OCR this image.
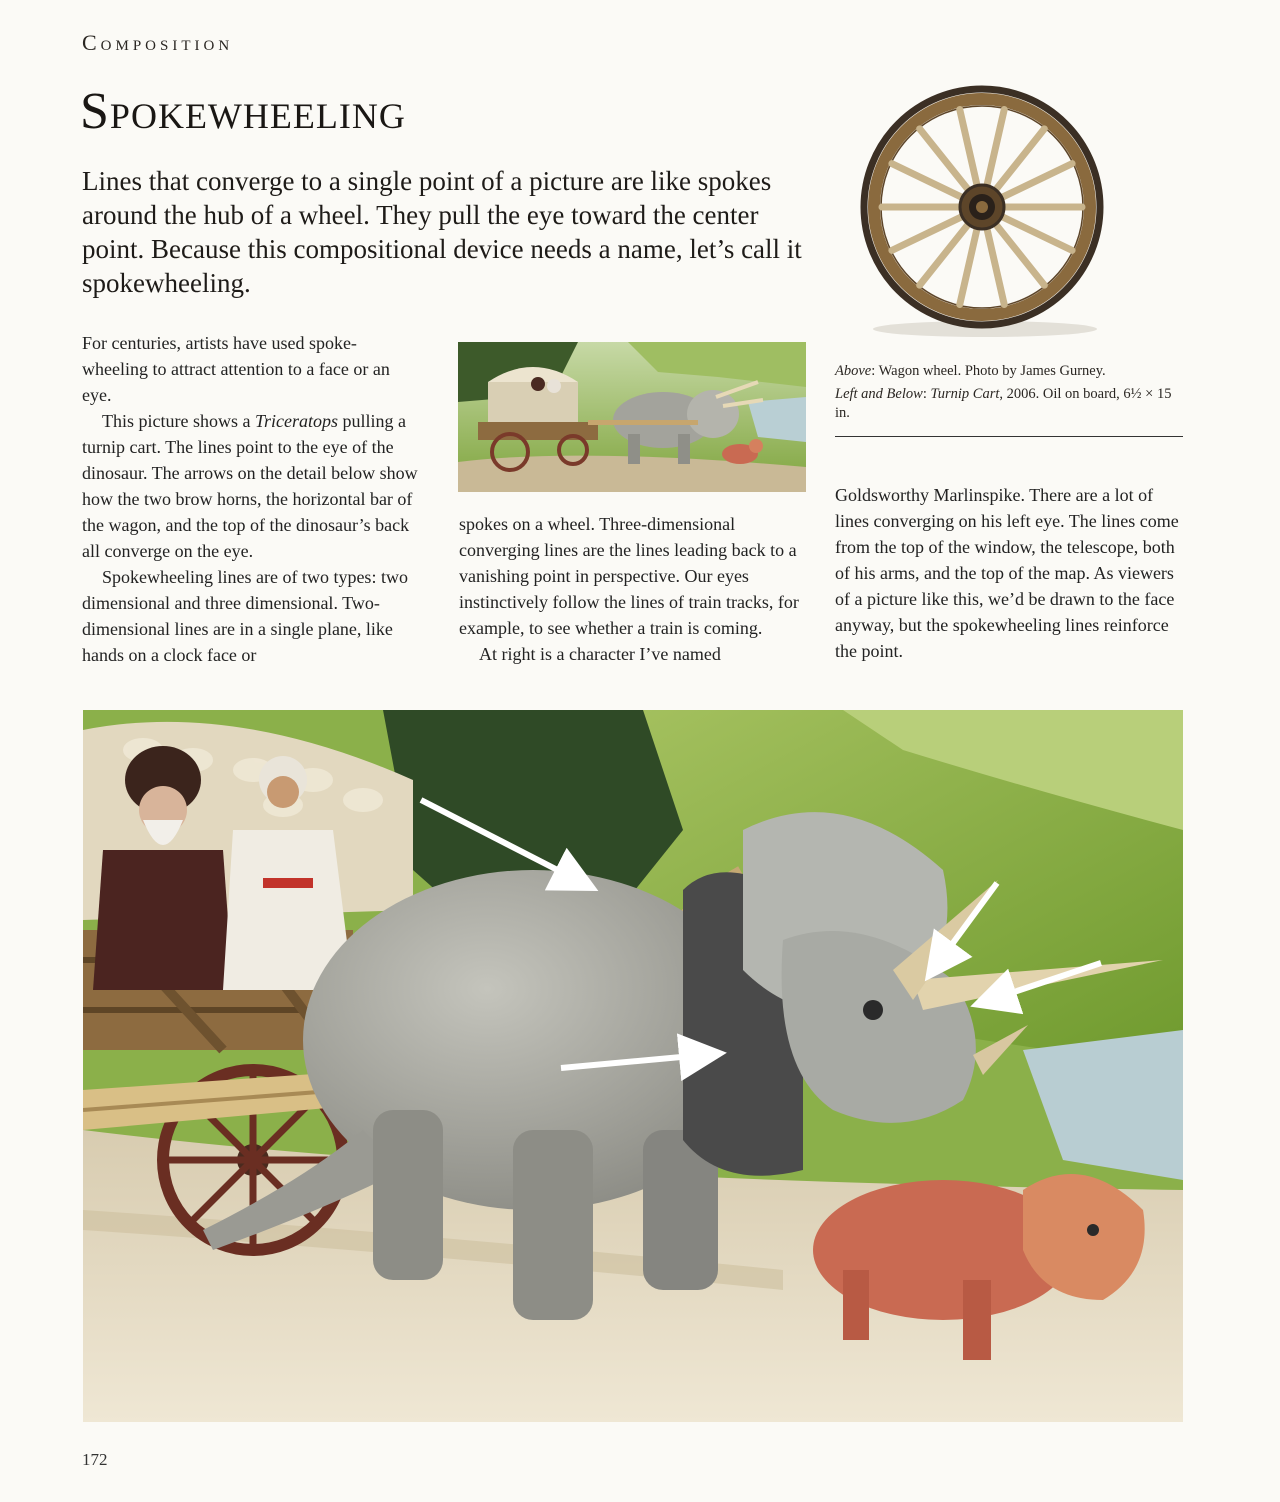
Composition
Spokewheeling

Lines that converge to a single point of a picture are like spokes around the hub of a wheel. They pull the eye toward the center point. Because this compositional device needs a name, let’s call it spokewheeling.

For centuries, artists have used spoke-wheeling to attract attention to a face or an eye.

This picture shows a Triceratops pulling a turnip cart. The lines point to the eye of the dinosaur. The arrows on the detail below show how the two brow horns, the horizontal bar of the wagon, and the top of the dinosaur’s back all converge on the eye.

Spokewheeling lines are of two types: two dimensional and three dimensional. Two-dimensional lines are in a single plane, like hands on a clock face or

spokes on a wheel. Three-dimensional converging lines are the lines leading back to a vanishing point in perspective. Our eyes instinctively follow the lines of train tracks, for example, to see whether a train is coming.

At right is a character I’ve named

Above: Wagon wheel. Photo by James Gurney.

Left and Below: Turnip Cart, 2006. Oil on board, 6½ × 15 in.

Goldsworthy Marlinspike. There are a lot of lines converging on his left eye. The lines come from the top of the window, the telescope, both of his arms, and the top of the map. As viewers of a picture like this, we’d be drawn to the face anyway, but the spokewheeling lines reinforce the point.

172
